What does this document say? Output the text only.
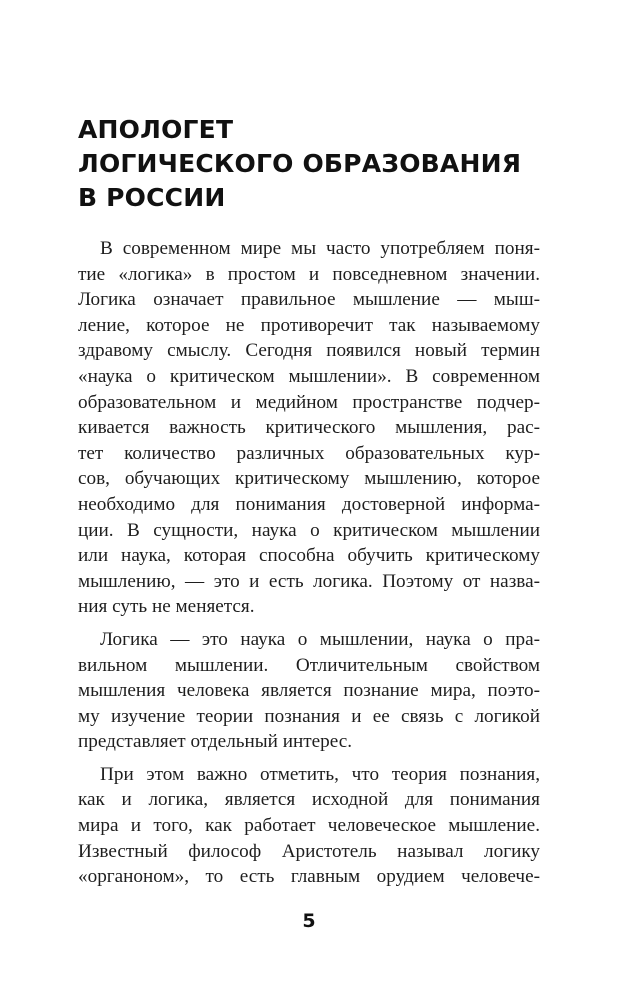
АПОЛОГЕТ
ЛОГИЧЕСКОГО ОБРАЗОВАНИЯ
В РОССИИ
В современном мире мы часто употребляем поня-
тие «логика» в простом и повседневном значении.
Логика означает правильное мышление — мыш-
ление, которое не противоречит так называемому
здравому смыслу. Сегодня появился новый термин
«наука о критическом мышлении». В современном
образовательном и медийном пространстве подчер-
кивается важность критического мышления, рас-
тет количество различных образовательных кур-
сов, обучающих критическому мышлению, которое
необходимо для понимания достоверной информа-
ции. В сущности, наука о критическом мышлении
или наука, которая способна обучить критическому
мышлению, — это и есть логика. Поэтому от назва-
ния суть не меняется.
Логика — это наука о мышлении, наука о пра-
вильном мышлении. Отличительным свойством
мышления человека является познание мира, поэто-
му изучение теории познания и ее связь с логикой
представляет отдельный интерес.
При этом важно отметить, что теория познания,
как и логика, является исходной для понимания
мира и того, как работает человеческое мышление.
Известный философ Аристотель называл логику
«органоном», то есть главным орудием человече-
5
